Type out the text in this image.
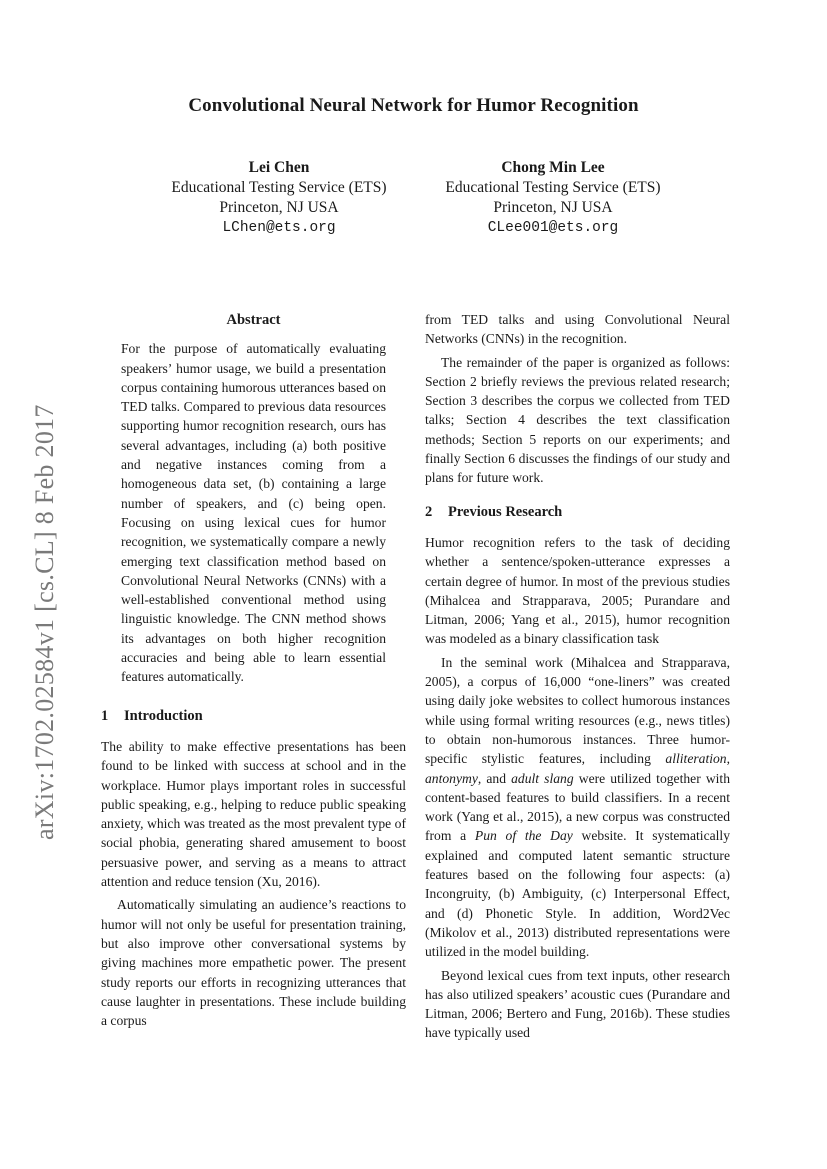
Convolutional Neural Network for Humor Recognition
Lei Chen
Educational Testing Service (ETS)
Princeton, NJ USA
LChen@ets.org
Chong Min Lee
Educational Testing Service (ETS)
Princeton, NJ USA
CLee001@ets.org
arXiv:1702.02584v1 [cs.CL] 8 Feb 2017
Abstract
For the purpose of automatically evaluating speakers’ humor usage, we build a presentation corpus containing humorous utterances based on TED talks. Compared to previous data resources supporting humor recognition research, ours has several advantages, including (a) both positive and negative instances coming from a homogeneous data set, (b) containing a large number of speakers, and (c) being open. Focusing on using lexical cues for humor recognition, we systematically compare a newly emerging text classification method based on Convolutional Neural Networks (CNNs) with a well-established conventional method using linguistic knowledge. The CNN method shows its advantages on both higher recognition accuracies and being able to learn essential features automatically.
1 Introduction

The ability to make effective presentations has been found to be linked with success at school and in the workplace. Humor plays important roles in successful public speaking, e.g., helping to reduce public speaking anxiety, which was treated as the most prevalent type of social phobia, generating shared amusement to boost persuasive power, and serving as a means to attract attention and reduce tension (Xu, 2016).

Automatically simulating an audience’s reactions to humor will not only be useful for presentation training, but also improve other conversational systems by giving machines more empathetic power. The present study reports our efforts in recognizing utterances that cause laughter in presentations. These include building a corpus

from TED talks and using Convolutional Neural Networks (CNNs) in the recognition.

The remainder of the paper is organized as follows: Section 2 briefly reviews the previous related research; Section 3 describes the corpus we collected from TED talks; Section 4 describes the text classification methods; Section 5 reports on our experiments; and finally Section 6 discusses the findings of our study and plans for future work.

2 Previous Research

Humor recognition refers to the task of deciding whether a sentence/spoken-utterance expresses a certain degree of humor. In most of the previous studies (Mihalcea and Strapparava, 2005; Purandare and Litman, 2006; Yang et al., 2015), humor recognition was modeled as a binary classification task

In the seminal work (Mihalcea and Strapparava, 2005), a corpus of 16,000 “one-liners” was created using daily joke websites to collect humorous instances while using formal writing resources (e.g., news titles) to obtain non-humorous instances. Three humor-specific stylistic features, including alliteration, antonymy, and adult slang were utilized together with content-based features to build classifiers. In a recent work (Yang et al., 2015), a new corpus was constructed from a Pun of the Day website. It systematically explained and computed latent semantic structure features based on the following four aspects: (a) Incongruity, (b) Ambiguity, (c) Interpersonal Effect, and (d) Phonetic Style. In addition, Word2Vec (Mikolov et al., 2013) distributed representations were utilized in the model building.

Beyond lexical cues from text inputs, other research has also utilized speakers’ acoustic cues (Purandare and Litman, 2006; Bertero and Fung, 2016b). These studies have typically used
